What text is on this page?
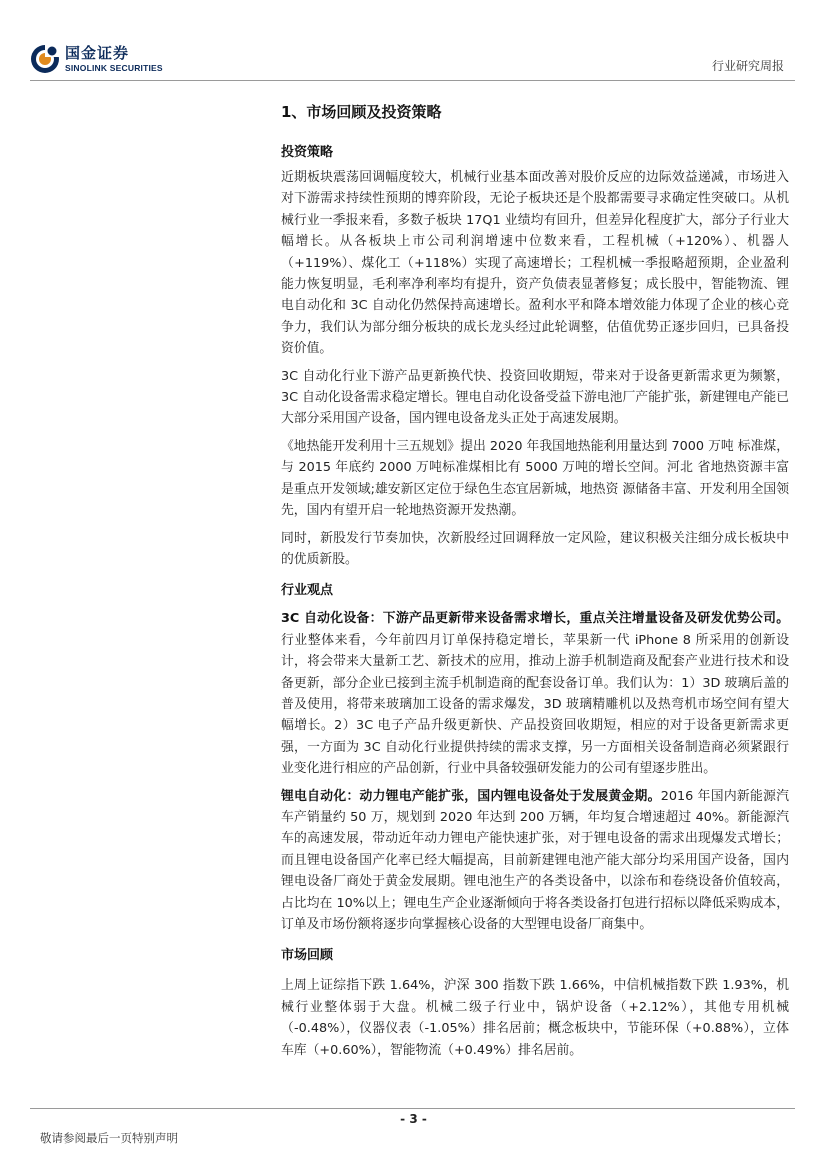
国金证券
SINOLINK SECURITIES	行业研究周报
1、市场回顾及投资策略
投资策略

近期板块震荡回调幅度较大，机械行业基本面改善对股价反应的边际效益递减，市场进入对下游需求持续性预期的博弈阶段，无论子板块还是个股都需要寻求确定性突破口。从机械行业一季报来看，多数子板块 17Q1 业绩均有回升，但差异化程度扩大，部分子行业大幅增长。从各板块上市公司利润增速中位数来看，工程机械（+120%）、机器人（+119%）、煤化工（+118%）实现了高速增长；工程机械一季报略超预期，企业盈利能力恢复明显，毛利率净利率均有提升，资产负债表显著修复；成长股中，智能物流、锂电自动化和 3C 自动化仍然保持高速增长。盈利水平和降本增效能力体现了企业的核心竞争力，我们认为部分细分板块的成长龙头经过此轮调整，估值优势正逐步回归，已具备投资价值。

3C 自动化行业下游产品更新换代快、投资回收期短，带来对于设备更新需求更为频繁，3C 自动化设备需求稳定增长。锂电自动化设备受益下游电池厂产能扩张，新建锂电产能已大部分采用国产设备，国内锂电设备龙头正处于高速发展期。

《地热能开发利用十三五规划》提出 2020 年我国地热能利用量达到 7000 万吨 标准煤，与 2015 年底约 2000 万吨标准煤相比有 5000 万吨的增长空间。河北 省地热资源丰富是重点开发领域;雄安新区定位于绿色生态宜居新城，地热资 源储备丰富、开发利用全国领先，国内有望开启一轮地热资源开发热潮。

同时，新股发行节奏加快，次新股经过回调释放一定风险，建议积极关注细分成长板块中的优质新股。

行业观点

3C 自动化设备：下游产品更新带来设备需求增长，重点关注增量设备及研发优势公司。行业整体来看，今年前四月订单保持稳定增长，苹果新一代 iPhone 8 所采用的创新设计，将会带来大量新工艺、新技术的应用，推动上游手机制造商及配套产业进行技术和设备更新，部分企业已接到主流手机制造商的配套设备订单。我们认为：1）3D 玻璃后盖的普及使用，将带来玻璃加工设备的需求爆发，3D 玻璃精雕机以及热弯机市场空间有望大幅增长。2）3C 电子产品升级更新快、产品投资回收期短，相应的对于设备更新需求更强，一方面为 3C 自动化行业提供持续的需求支撑，另一方面相关设备制造商必须紧跟行业变化进行相应的产品创新，行业中具备较强研发能力的公司有望逐步胜出。

锂电自动化：动力锂电产能扩张，国内锂电设备处于发展黄金期。2016 年国内新能源汽车产销量约 50 万，规划到 2020 年达到 200 万辆，年均复合增速超过 40%。新能源汽车的高速发展，带动近年动力锂电产能快速扩张，对于锂电设备的需求出现爆发式增长；而且锂电设备国产化率已经大幅提高，目前新建锂电池产能大部分均采用国产设备，国内锂电设备厂商处于黄金发展期。锂电池生产的各类设备中，以涂布和卷绕设备价值较高，占比均在 10%以上；锂电生产企业逐渐倾向于将各类设备打包进行招标以降低采购成本，订单及市场份额将逐步向掌握核心设备的大型锂电设备厂商集中。

市场回顾

上周上证综指下跌 1.64%，沪深 300 指数下跌 1.66%，中信机械指数下跌 1.93%，机械行业整体弱于大盘。机械二级子行业中，锅炉设备（+2.12%），其他专用机械（-0.48%），仪器仪表（-1.05%）排名居前；概念板块中，节能环保（+0.88%），立体车库（+0.60%），智能物流（+0.49%）排名居前。

- 3 -
敬请参阅最后一页特别声明
